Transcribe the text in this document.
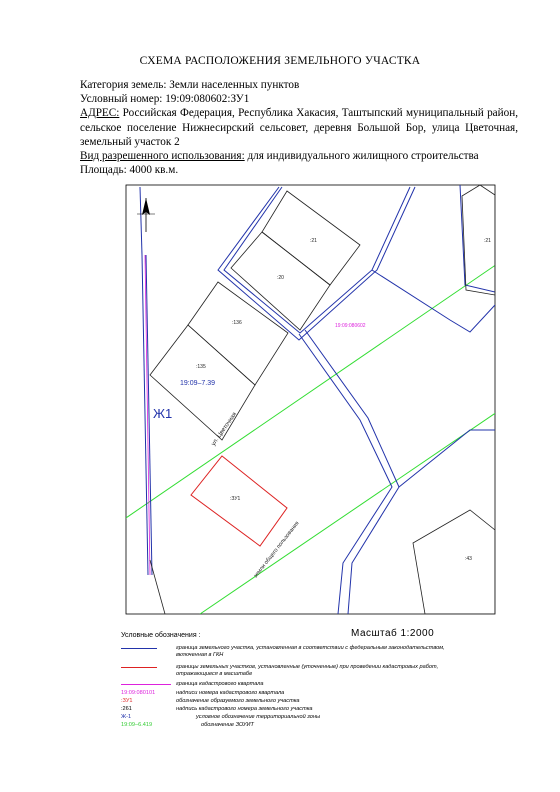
СХЕМА РАСПОЛОЖЕНИЯ ЗЕМЕЛЬНОГО УЧАСТКА
Категория земель: Земли населенных пунктов
Условный номер: 19:09:080602:ЗУ1
АДРЕС: Российская Федерация, Республика Хакасия, Таштыпский муниципальный район, сельское поселение Нижнесирский сельсовет, деревня Большой Бор, улица Цветочная, земельный участок 2
Вид разрешенного использования: для индивидуального жилищного строительства
Площадь: 4000 кв.м.
:21
:20
:136
:135
:21
:43
:ЗУ1
19:09:080602
19:09–7.39
Ж1	ул. Цветочная
земли общего пользования
Условные обозначения :	Масштаб 1:2000
граница земельного участка, установленная в соответствии с федеральным законодательством, включенная в ГКН
границы земельных участков, установленные (уточненные) при проведении кадастровых работ, отражающиеся в масштабе
граница кадастрового квартала
19:09:080101	надписи номера кадастрового квартала
:ЗУ1	обозначение образуемого земельного участка
:261	надпись кадастрового номера земельного участка
Ж-1	условное обозначение территориальной зоны
19:09–6.419	обозначение ЗОУИТ
